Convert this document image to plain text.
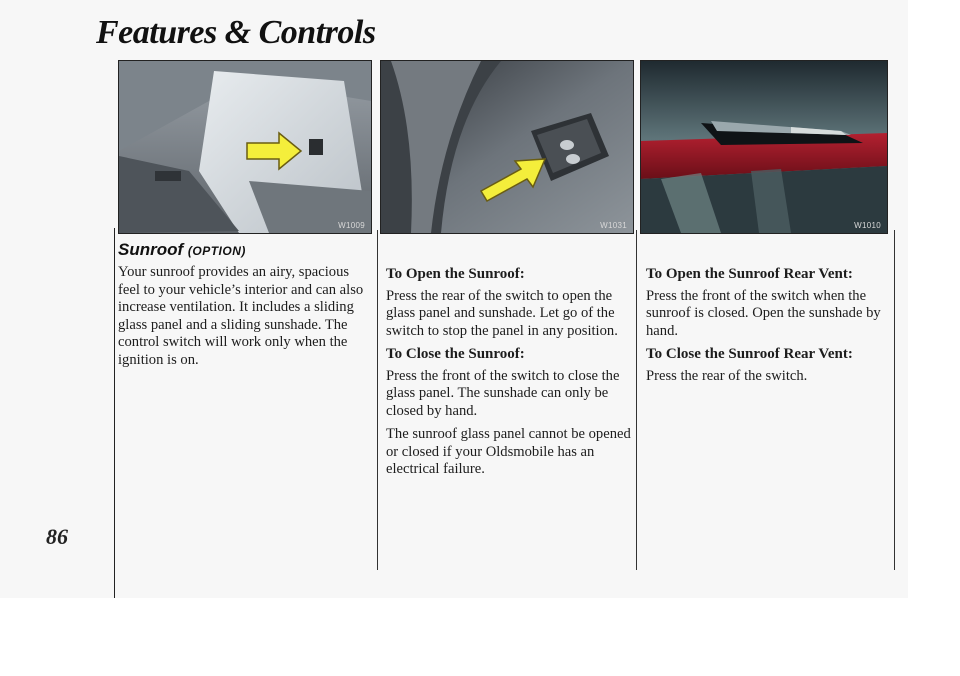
Features & Controls
W1009	W1031	W1010
86
Sunroof (OPTION)

Your sunroof provides an airy, spacious feel to your vehicle’s interior and can also increase ventilation. It includes a sliding glass panel and a sliding sunshade. The control switch will work only when the ignition is on.

To Open the Sunroof:

Press the rear of the switch to open the glass panel and sunshade. Let go of the switch to stop the panel in any position.

To Close the Sunroof:

Press the front of the switch to close the glass panel. The sunshade can only be closed by hand.

The sunroof glass panel cannot be opened or closed if your Oldsmobile has an electrical failure.

To Open the Sunroof Rear Vent:

Press the front of the switch when the sunroof is closed. Open the sunshade by hand.

To Close the Sunroof Rear Vent:

Press the rear of the switch.
